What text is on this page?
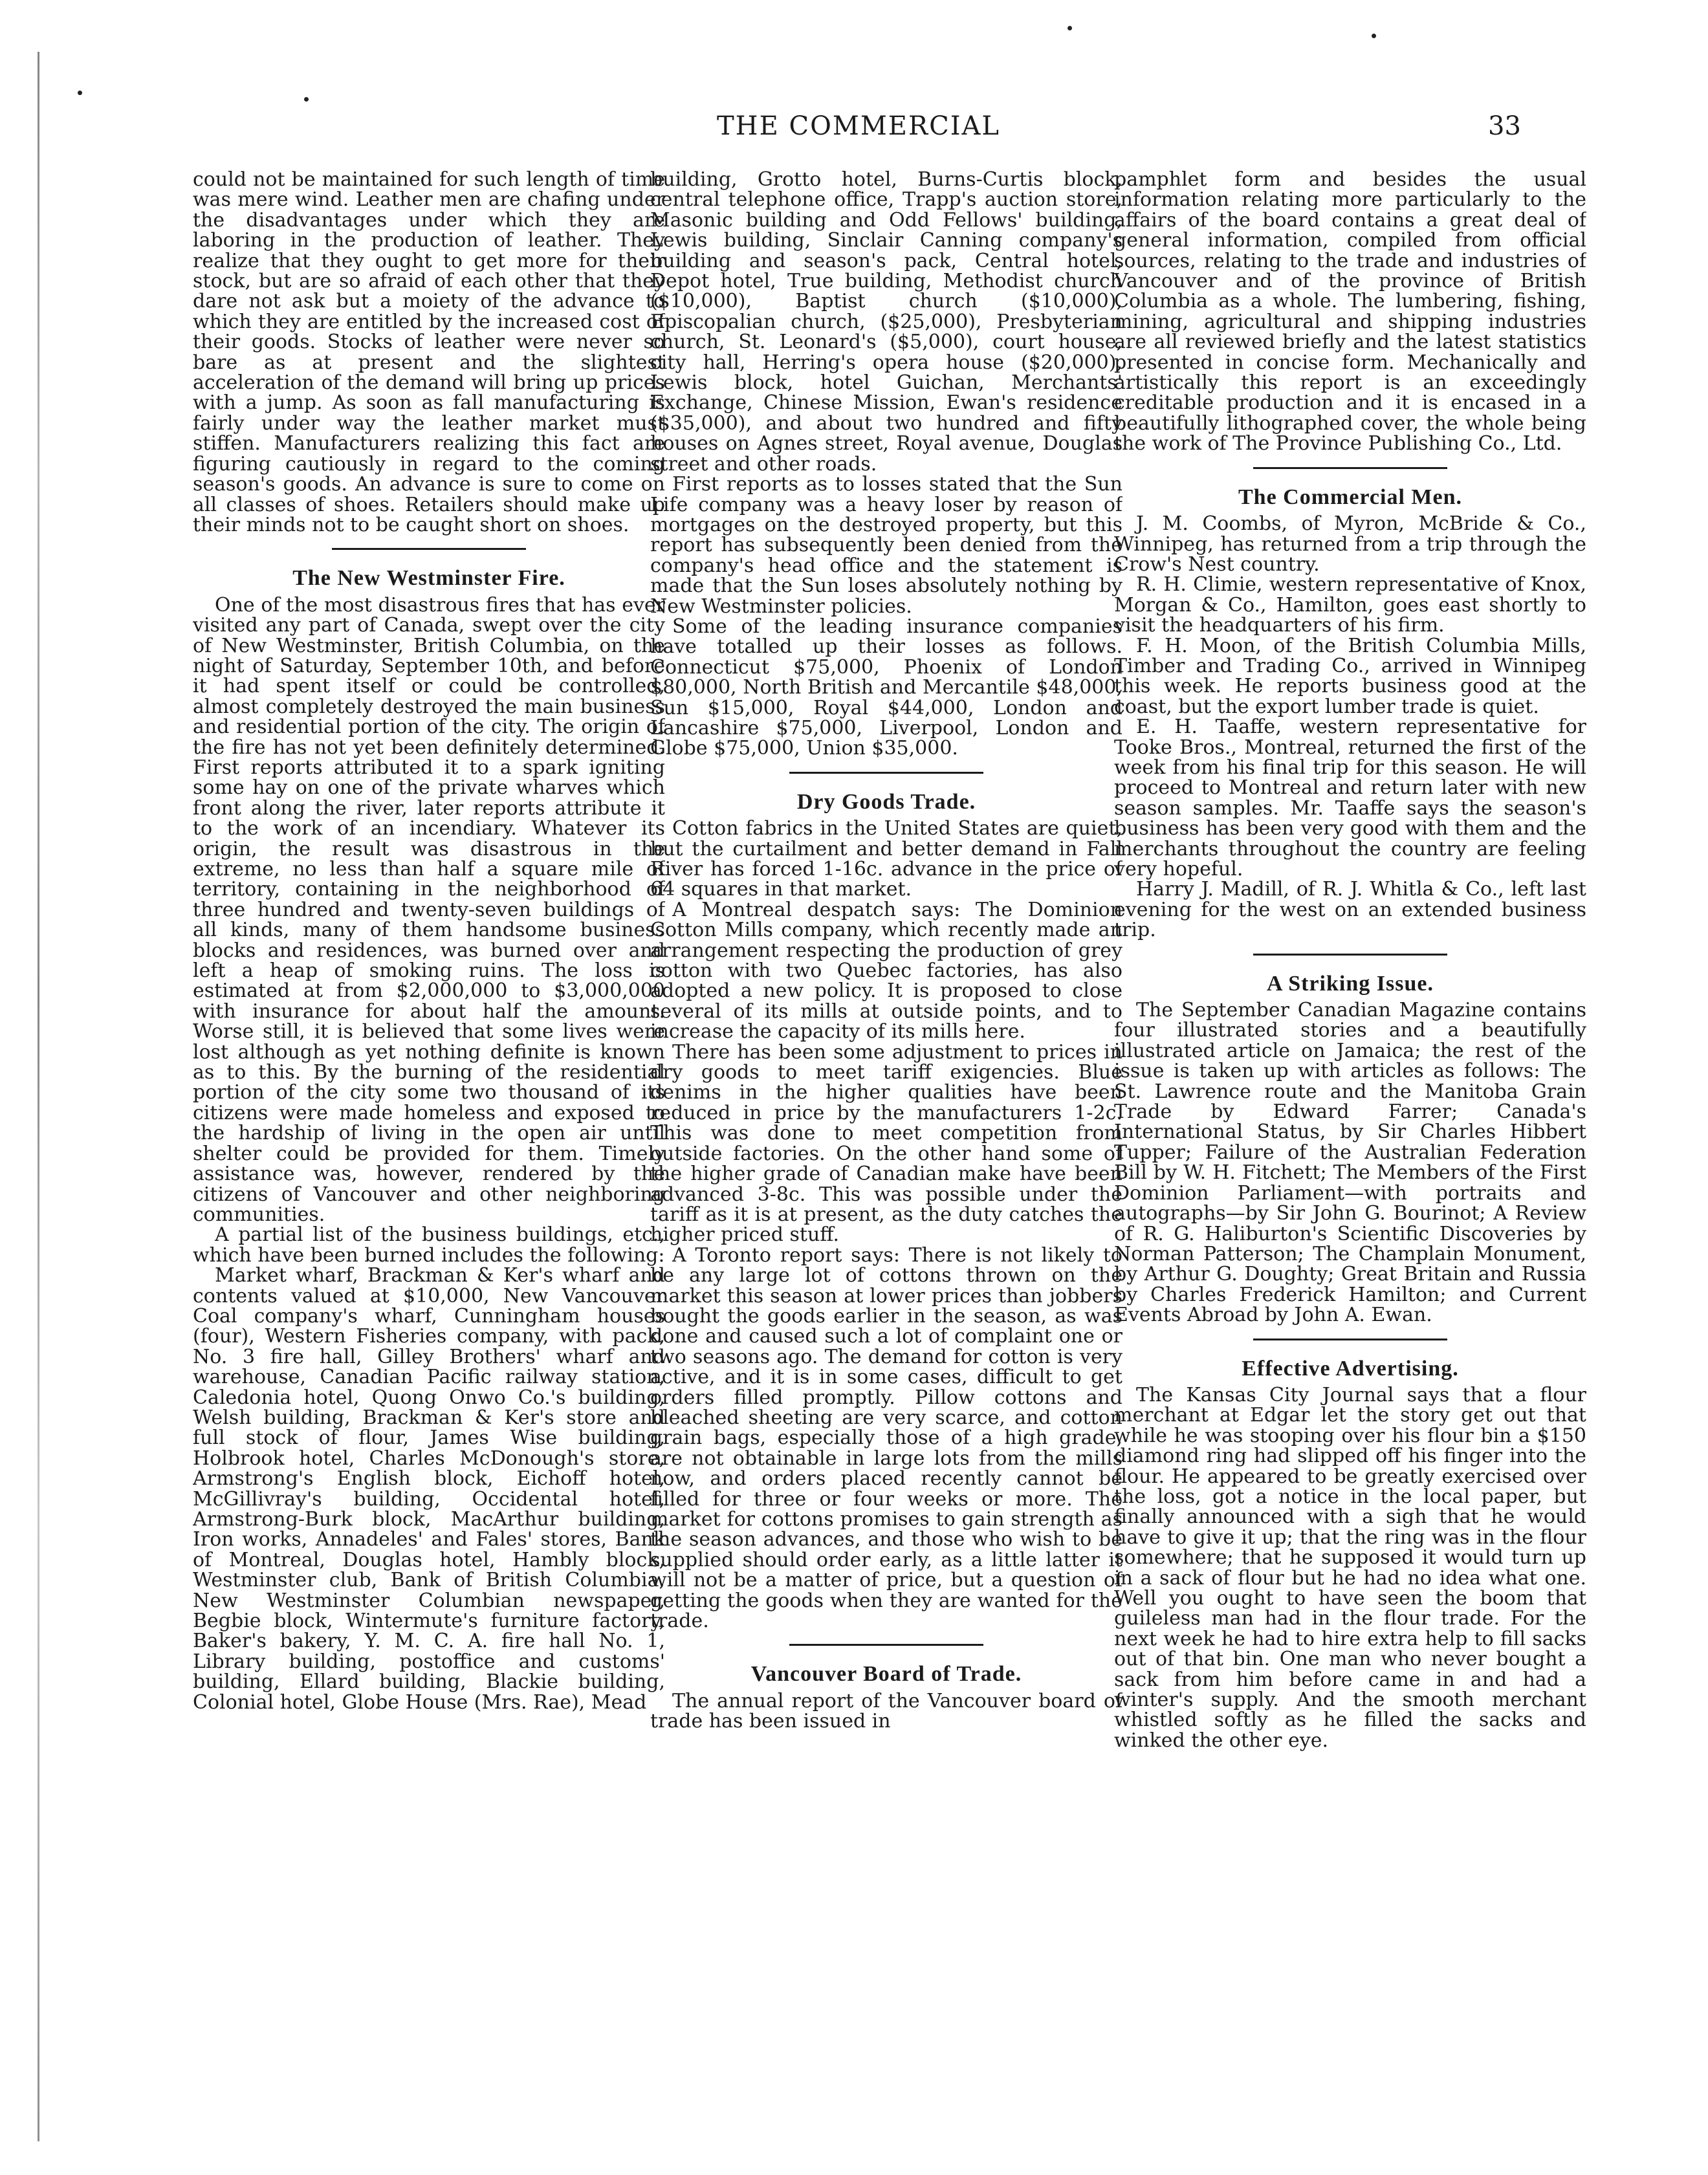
THE COMMERCIAL	33

could not be maintained for such length of time was mere wind. Leather men are chafing under the disadvantages under which they are laboring in the production of leather. They realize that they ought to get more for their stock, but are so afraid of each other that they dare not ask but a moiety of the advance to which they are entitled by the increased cost of their goods. Stocks of leather were never so bare as at present and the slightest acceleration of the demand will bring up prices with a jump. As soon as fall manufacturing is fairly under way the leather market must stiffen. Manufacturers realizing this fact are figuring cautiously in regard to the coming season's goods. An advance is sure to come on all classes of shoes. Retailers should make up their minds not to be caught short on shoes.

The New Westminster Fire.

One of the most disastrous fires that has ever visited any part of Canada, swept over the city of New Westminster, British Columbia, on the night of Saturday, September 10th, and before it had spent itself or could be controlled, almost completely destroyed the main business and residential portion of the city. The origin of the fire has not yet been definitely determined. First reports attributed it to a spark igniting some hay on one of the private wharves which front along the river, later reports attribute it to the work of an incendiary. Whatever its origin, the result was disastrous in the extreme, no less than half a square mile of territory, containing in the neighborhood of three hundred and twenty-seven buildings of all kinds, many of them handsome business blocks and residences, was burned over and left a heap of smoking ruins. The loss is estimated at from $2,000,000 to $3,000,000 with insurance for about half the amount. Worse still, it is believed that some lives were lost although as yet nothing definite is known as to this. By the burning of the residential portion of the city some two thousand of its citizens were made homeless and exposed to the hardship of living in the open air until shelter could be provided for them. Timely assistance was, however, rendered by the citizens of Vancouver and other neighboring communities.

A partial list of the business buildings, etc., which have been burned includes the following:

Market wharf, Brackman & Ker's wharf and contents valued at $10,000, New Vancouver Coal company's wharf, Cunningham houses (four), Western Fisheries company, with pack, No. 3 fire hall, Gilley Brothers' wharf and warehouse, Canadian Pacific railway station, Caledonia hotel, Quong Onwo Co.'s building, Welsh building, Brackman & Ker's store and full stock of flour, James Wise building, Holbrook hotel, Charles McDonough's store, Armstrong's English block, Eichoff hotel, McGillivray's building, Occidental hotel, Armstrong-Burk block, MacArthur building, Iron works, Annadeles' and Fales' stores, Bank of Montreal, Douglas hotel, Hambly block, Westminster club, Bank of British Columbia, New Westminster Columbian newspaper, Begbie block, Wintermute's furniture factory, Baker's bakery, Y. M. C. A. fire hall No. 1, Library building, postoffice and customs' building, Ellard building, Blackie building, Colonial hotel, Globe House (Mrs. Rae), Mead

building, Grotto hotel, Burns-Curtis block, central telephone office, Trapp's auction store, Masonic building and Odd Fellows' building, Lewis building, Sinclair Canning company's building and season's pack, Central hotel, Depot hotel, True building, Methodist church ($10,000), Baptist church ($10,000), Episcopalian church, ($25,000), Presbyterian church, St. Leonard's ($5,000), court house, city hall, Herring's opera house ($20,000), Lewis block, hotel Guichan, Merchants' Exchange, Chinese Mission, Ewan's residence ($35,000), and about two hundred and fifty houses on Agnes street, Royal avenue, Douglas street and other roads.

First reports as to losses stated that the Sun Life company was a heavy loser by reason of mortgages on the destroyed property, but this report has subsequently been denied from the company's head office and the statement is made that the Sun loses absolutely nothing by New Westminster policies.

Some of the leading insurance companies have totalled up their losses as follows. Connecticut $75,000, Phoenix of London $80,000, North British and Mercantile $48,000, Sun $15,000, Royal $44,000, London and Lancashire $75,000, Liverpool, London and Globe $75,000, Union $35,000.

Dry Goods Trade.

Cotton fabrics in the United States are quiet, but the curtailment and better demand in Fall River has forced 1-16c. advance in the price of 64 squares in that market.

A Montreal despatch says: The Dominion Cotton Mills company, which recently made an arrangement respecting the production of grey cotton with two Quebec factories, has also adopted a new policy. It is proposed to close several of its mills at outside points, and to increase the capacity of its mills here.

There has been some adjustment to prices in dry goods to meet tariff exigencies. Blue denims in the higher qualities have been reduced in price by the manufacturers 1-2c. This was done to meet competition from outside factories. On the other hand some of the higher grade of Canadian make have been advanced 3-8c. This was possible under the tariff as it is at present, as the duty catches the higher priced stuff.

A Toronto report says: There is not likely to be any large lot of cottons thrown on the market this season at lower prices than jobbers bought the goods earlier in the season, as was done and caused such a lot of complaint one or two seasons ago. The demand for cotton is very active, and it is in some cases, difficult to get orders filled promptly. Pillow cottons and bleached sheeting are very scarce, and cotton grain bags, especially those of a high grade, are not obtainable in large lots from the mills now, and orders placed recently cannot be filled for three or four weeks or more. The market for cottons promises to gain strength as the season advances, and those who wish to be supplied should order early, as a little latter it will not be a matter of price, but a question of getting the goods when they are wanted for the trade.

Vancouver Board of Trade.

The annual report of the Vancouver board of trade has been issued in

pamphlet form and besides the usual information relating more particularly to the affairs of the board contains a great deal of general information, compiled from official sources, relating to the trade and industries of Vancouver and of the province of British Columbia as a whole. The lumbering, fishing, mining, agricultural and shipping industries are all reviewed briefly and the latest statistics presented in concise form. Mechanically and artistically this report is an exceedingly creditable production and it is encased in a beautifully lithographed cover, the whole being the work of The Province Publishing Co., Ltd.

The Commercial Men.

J. M. Coombs, of Myron, McBride & Co., Winnipeg, has returned from a trip through the Crow's Nest country.

R. H. Climie, western representative of Knox, Morgan & Co., Hamilton, goes east shortly to visit the headquarters of his firm.

F. H. Moon, of the British Columbia Mills, Timber and Trading Co., arrived in Winnipeg this week. He reports business good at the coast, but the export lumber trade is quiet.

E. H. Taaffe, western representative for Tooke Bros., Montreal, returned the first of the week from his final trip for this season. He will proceed to Montreal and return later with new season samples. Mr. Taaffe says the season's business has been very good with them and the merchants throughout the country are feeling very hopeful.

Harry J. Madill, of R. J. Whitla & Co., left last evening for the west on an extended business trip.

A Striking Issue.

The September Canadian Magazine contains four illustrated stories and a beautifully illustrated article on Jamaica; the rest of the issue is taken up with articles as follows: The St. Lawrence route and the Manitoba Grain Trade by Edward Farrer; Canada's International Status, by Sir Charles Hibbert Tupper; Failure of the Australian Federation Bill by W. H. Fitchett; The Members of the First Dominion Parliament—with portraits and autographs—by Sir John G. Bourinot; A Review of R. G. Haliburton's Scientific Discoveries by Norman Patterson; The Champlain Monument, by Arthur G. Doughty; Great Britain and Russia by Charles Frederick Hamilton; and Current Events Abroad by John A. Ewan.

Effective Advertising.

The Kansas City Journal says that a flour merchant at Edgar let the story get out that while he was stooping over his flour bin a $150 diamond ring had slipped off his finger into the flour. He appeared to be greatly exercised over the loss, got a notice in the local paper, but finally announced with a sigh that he would have to give it up; that the ring was in the flour somewhere; that he supposed it would turn up in a sack of flour but he had no idea what one. Well you ought to have seen the boom that guileless man had in the flour trade. For the next week he had to hire extra help to fill sacks out of that bin. One man who never bought a sack from him before came in and had a winter's supply. And the smooth merchant whistled softly as he filled the sacks and winked the other eye.
